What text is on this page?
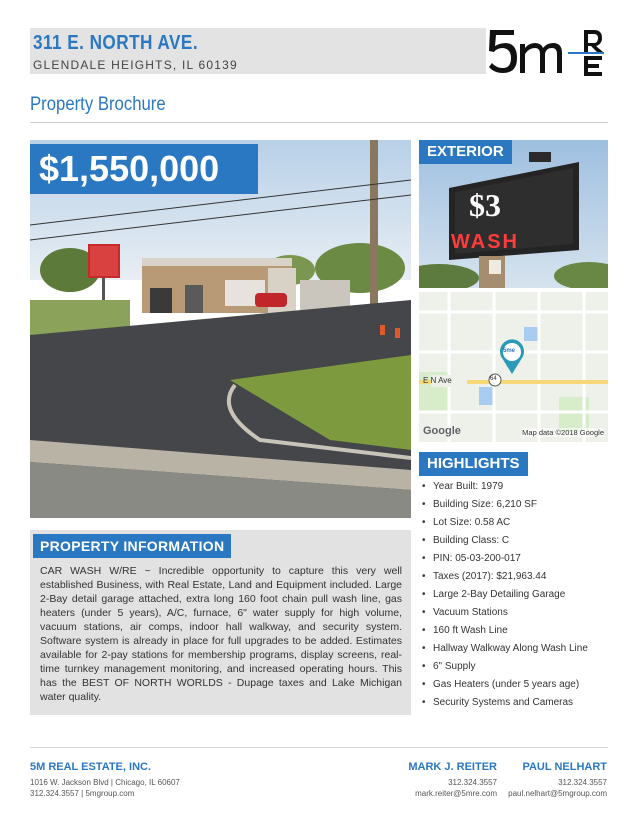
311 E. NORTH AVE.
GLENDALE HEIGHTS, IL 60139
Property Brochure
$1,550,000	EXTERIOR
$3
WASH
E N Ave	64
5me
Google	Map data ©2018 Google
HIGHLIGHTS
• Year Built: 1979
• Building Size: 6,210 SF
• Lot Size: 0.58 AC
• Building Class: C
• PIN: 05-03-200-017
• Taxes (2017): $21,963.44
• Large 2-Bay Detailing Garage
• Vacuum Stations
• 160 ft Wash Line
• Hallway Walkway Along Wash Line
• 6" Supply
• Gas Heaters (under 5 years age)
• Security Systems and Cameras
PROPERTY INFORMATION
CAR WASH W/RE ~ Incredible opportunity to capture this very well established Business, with Real Estate, Land and Equipment included. Large 2-Bay detail garage attached, extra long 160 foot chain pull wash line, gas heaters (under 5 years), A/C, furnace, 6" water supply for high volume, vacuum stations, air comps, indoor hall walkway, and security system. Software system is already in place for full upgrades to be added. Estimates available for 2-pay stations for membership programs, display screens, real-time turnkey management monitoring, and increased operating hours. This has the BEST OF NORTH WORLDS - Dupage taxes and Lake Michigan water quality.
5M REAL ESTATE, INC.
1016 W. Jackson Blvd | Chicago, IL 60607
312.324.3557 | 5mgroup.com
MARK J. REITER
312.324.3557
mark.reiter@5mre.com
PAUL NELHART
312.324.3557
paul.nelhart@5mgroup.com
